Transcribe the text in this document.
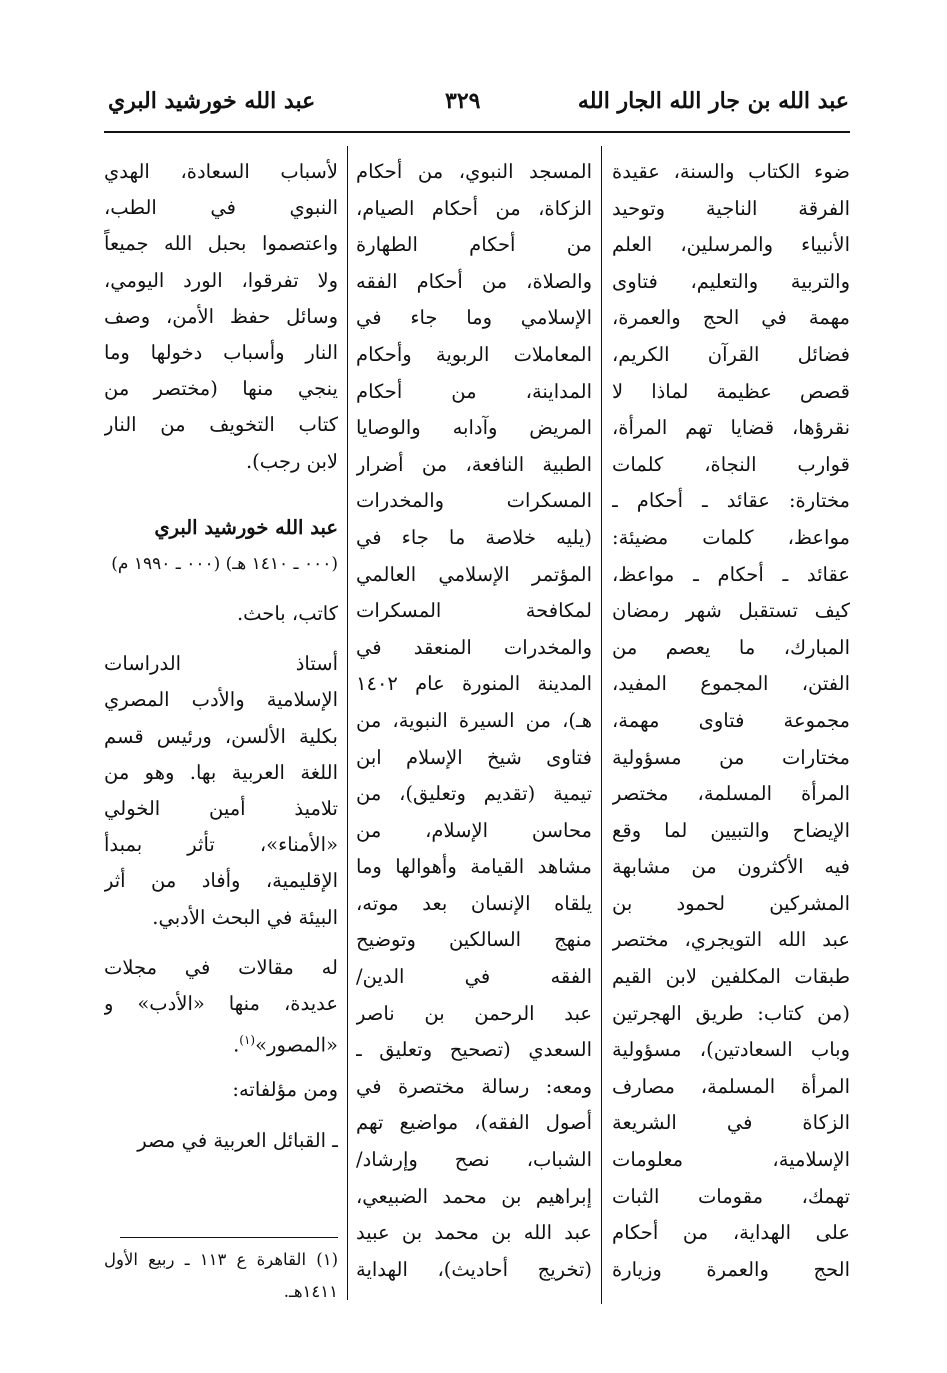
عبد الله بن جار الله الجار الله
٣٢٩
عبد الله خورشيد البري
ضوء الكتاب والسنة، عقيدة
الفرقة الناجية وتوحيد
الأنبياء والمرسلين، العلم
والتربية والتعليم، فتاوى
مهمة في الحج والعمرة،
فضائل القرآن الكريم،
قصص عظيمة لماذا لا
نقرؤها، قضايا تهم المرأة،
قوارب النجاة، كلمات
مختارة: عقائد ـ أحكام ـ
مواعظ، كلمات مضيئة:
عقائد ـ أحكام ـ مواعظ،
كيف تستقبل شهر رمضان
المبارك، ما يعصم من
الفتن، المجموع المفيد،
مجموعة فتاوى مهمة،
مختارات من مسؤولية
المرأة المسلمة، مختصر
الإيضاح والتبيين لما وقع
فيه الأكثرون من مشابهة
المشركين لحمود بن
عبد الله التويجري، مختصر
طبقات المكلفين لابن القيم
(من كتاب: طريق الهجرتين
وباب السعادتين)، مسؤولية
المرأة المسلمة، مصارف
الزكاة في الشريعة
الإسلامية، معلومات
تهمك، مقومات الثبات
على الهداية، من أحكام
الحج والعمرة وزيارة
المسجد النبوي، من أحكام
الزكاة، من أحكام الصيام،
من أحكام الطهارة
والصلاة، من أحكام الفقه
الإسلامي وما جاء في
المعاملات الربوية وأحكام
المداينة، من أحكام
المريض وآدابه والوصايا
الطبية النافعة، من أضرار
المسكرات والمخدرات
(يليه خلاصة ما جاء في
المؤتمر الإسلامي العالمي
لمكافحة المسكرات
والمخدرات المنعقد في
المدينة المنورة عام ١٤٠٢
هـ)، من السيرة النبوية، من
فتاوى شيخ الإسلام ابن
تيمية (تقديم وتعليق)، من
محاسن الإسلام، من
مشاهد القيامة وأهوالها وما
يلقاه الإنسان بعد موته،
منهج السالكين وتوضيح
الفقه في الدين/
عبد الرحمن بن ناصر
السعدي (تصحيح وتعليق ـ
ومعه: رسالة مختصرة في
أصول الفقه)، مواضيع تهم
الشباب، نصح وإرشاد/
إبراهيم بن محمد الضبيعي،
عبد الله بن محمد بن عبيد
(تخريج أحاديث)، الهداية
لأسباب السعادة، الهدي
النبوي في الطب،
واعتصموا بحبل الله جميعاً
ولا تفرقوا، الورد اليومي،
وسائل حفظ الأمن، وصف
النار وأسباب دخولها وما
ينجي منها (مختصر من
كتاب التخويف من النار
لابن رجب).
عبد الله خورشيد البري
(٠٠٠ ـ ١٤١٠ هـ) (٠٠٠ ـ ١٩٩٠ م)
كاتب، باحث.
أستاذ الدراسات
الإسلامية والأدب المصري
بكلية الألسن، ورئيس قسم
اللغة العربية بها. وهو من
تلاميذ أمين الخولي
«الأمناء»، تأثر بمبدأ
الإقليمية، وأفاد من أثر
البيئة في البحث الأدبي.
له مقالات في مجلات
عديدة، منها «الأدب» و
«المصور»$^{(١)}$.
ومن مؤلفاته:
ـ القبائل العربية في مصر
(١) القاهرة ع ١١٣ ـ ربيع الأول
١٤١١هـ.
